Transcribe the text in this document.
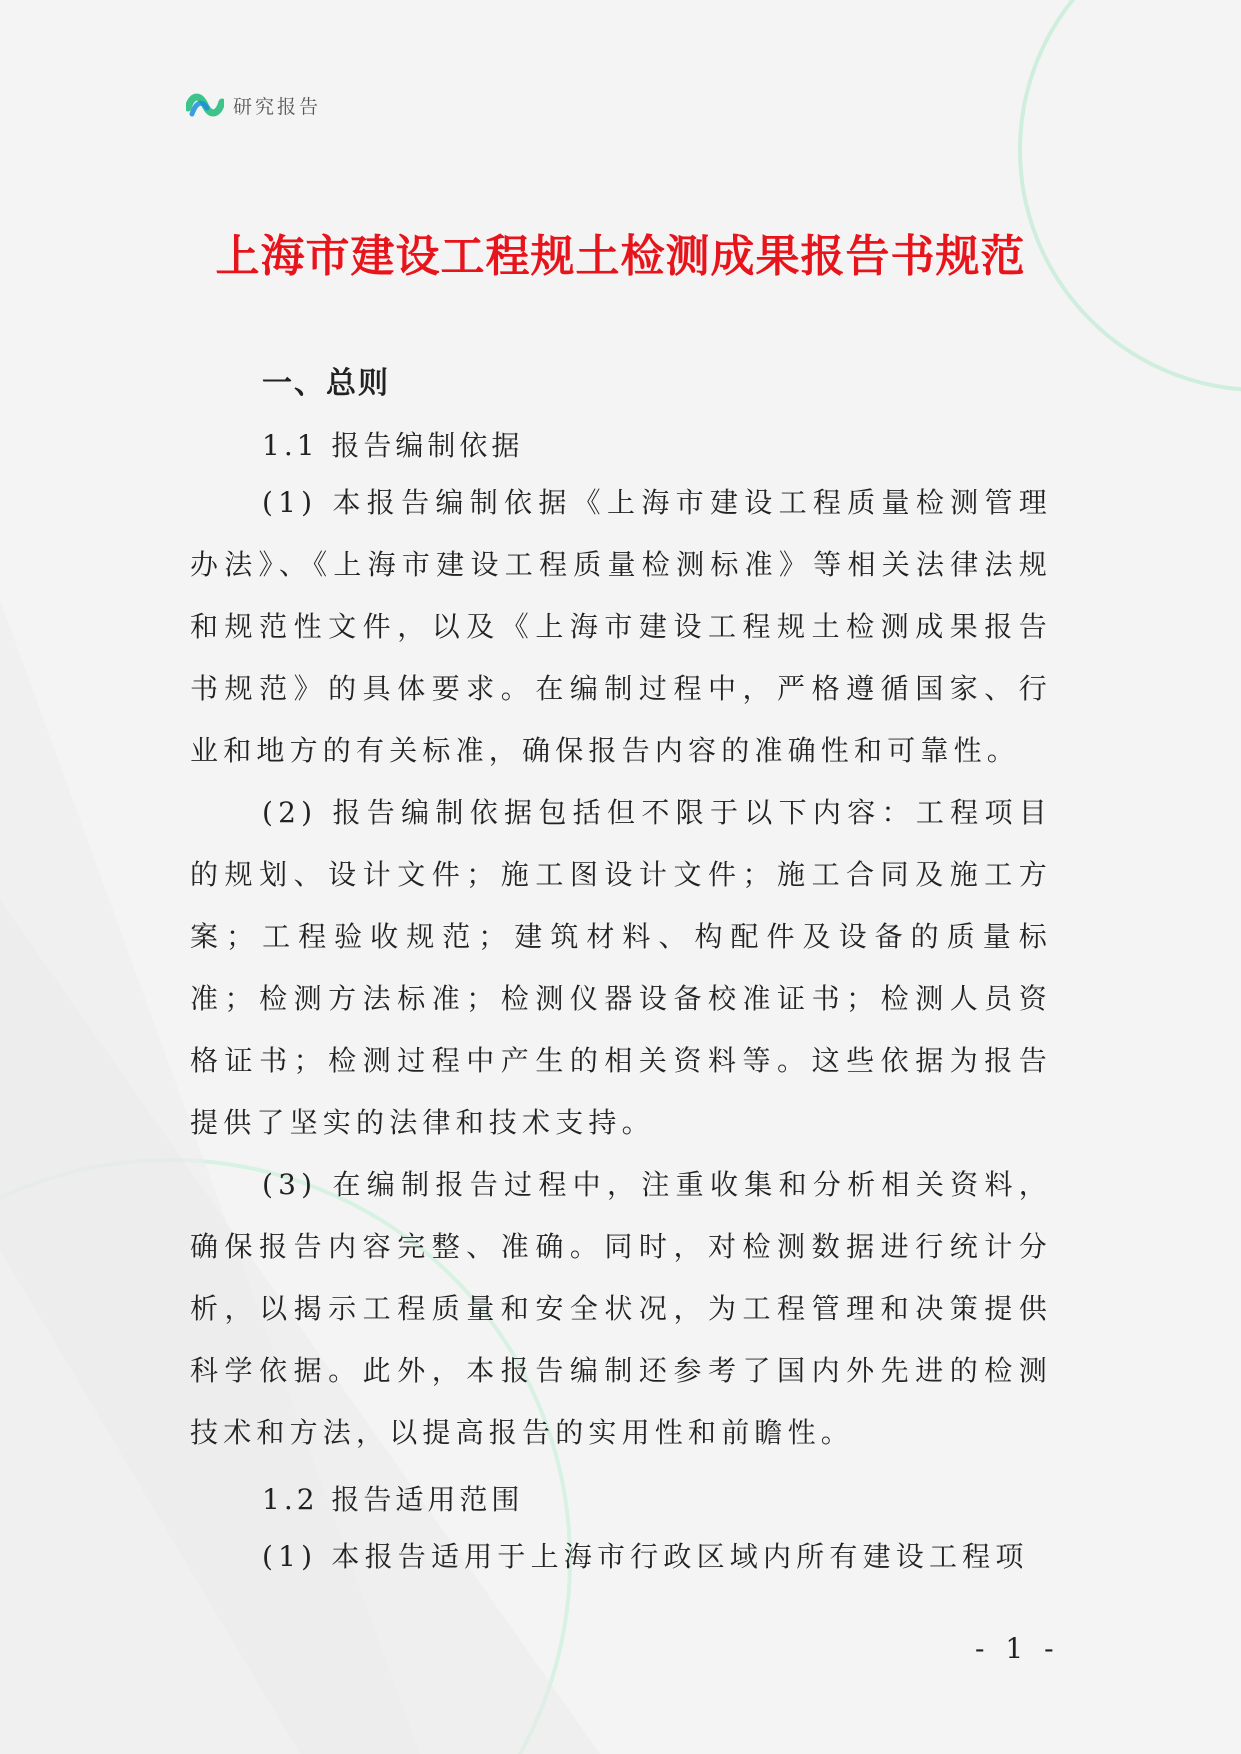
研究报告
上海市建设工程规土检测成果报告书规范
一、总则
1.1 报告编制依据
(1) 本报告编制依据《上海市建设工程质量检测管理办法》、《上海市建设工程质量检测标准》等相关法律法规和规范性文件，以及《上海市建设工程规土检测成果报告书规范》的具体要求。在编制过程中，严格遵循国家、行业和地方的有关标准，确保报告内容的准确性和可靠性。
(2) 报告编制依据包括但不限于以下内容：工程项目的规划、设计文件；施工图设计文件；施工合同及施工方案；工程验收规范；建筑材料、构配件及设备的质量标准；检测方法标准；检测仪器设备校准证书；检测人员资格证书；检测过程中产生的相关资料等。这些依据为报告提供了坚实的法律和技术支持。
(3) 在编制报告过程中，注重收集和分析相关资料，确保报告内容完整、准确。同时，对检测数据进行统计分析，以揭示工程质量和安全状况，为工程管理和决策提供科学依据。此外，本报告编制还参考了国内外先进的检测技术和方法，以提高报告的实用性和前瞻性。
1.2 报告适用范围
(1) 本报告适用于上海市行政区域内所有建设工程项
- 1 -
